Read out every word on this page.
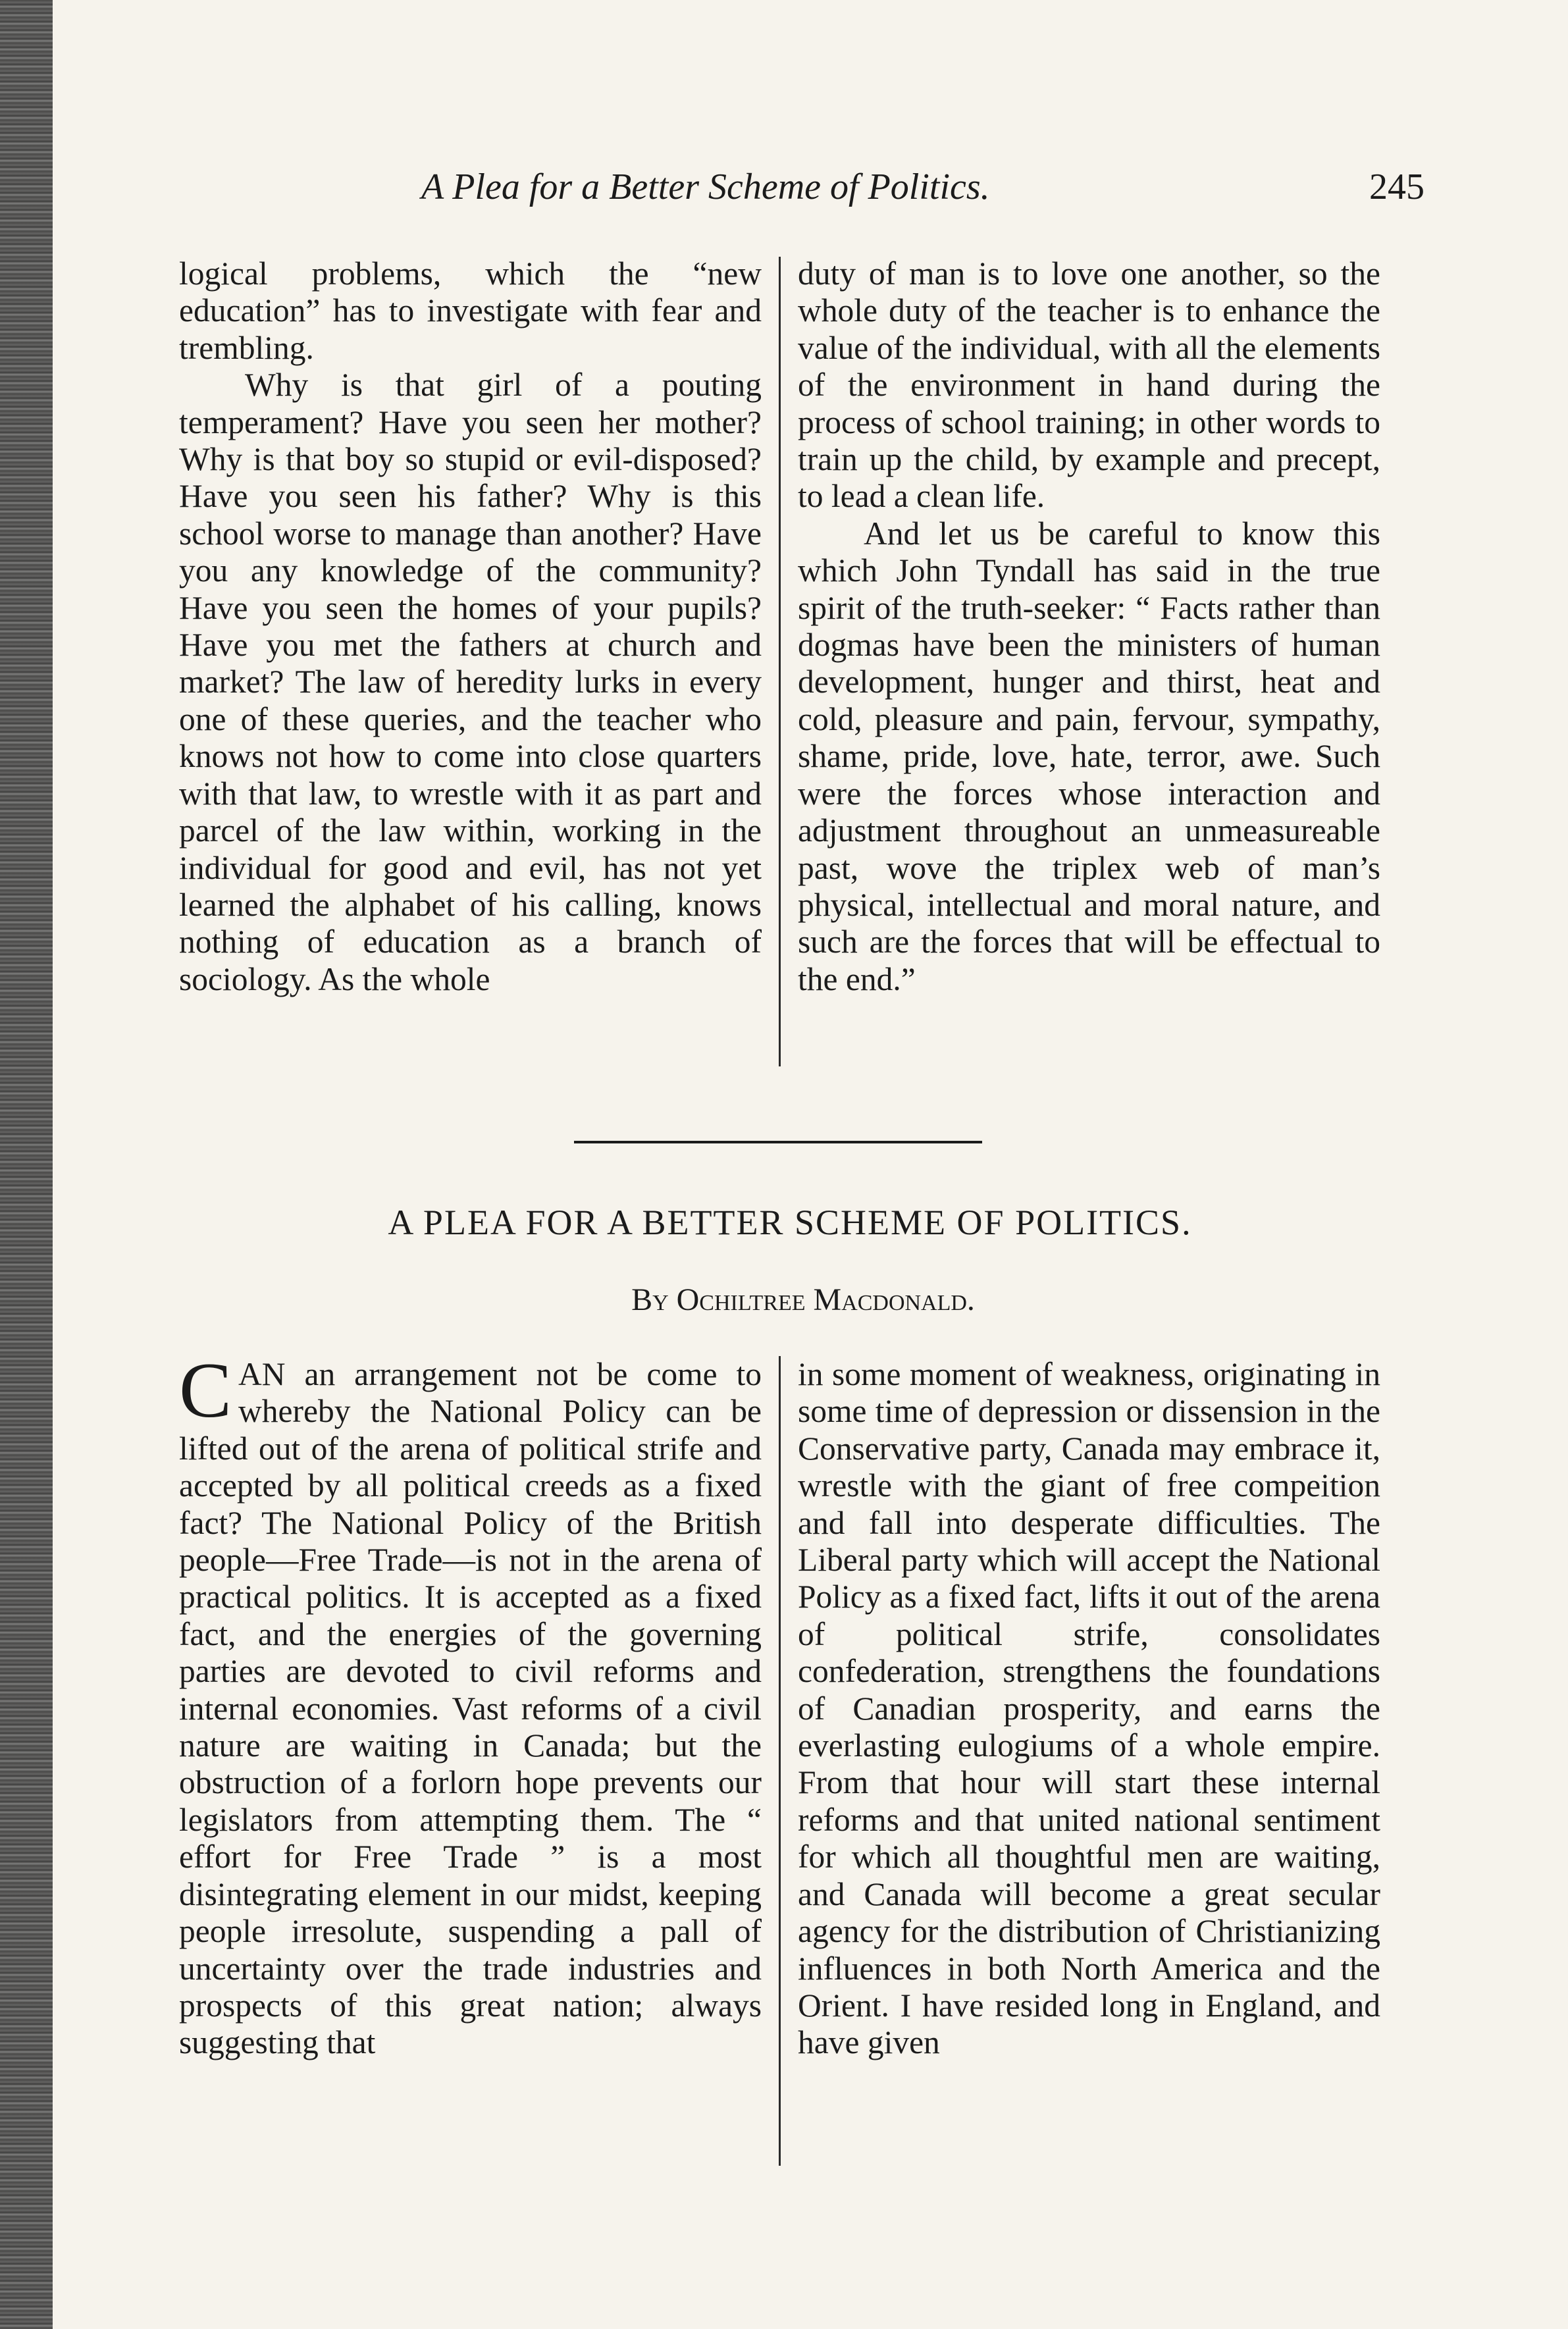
A Plea for a Better Scheme of Politics.	245

logical problems, which the “new education” has to investigate with fear and trembling.

Why is that girl of a pouting temperament? Have you seen her mother? Why is that boy so stupid or evil-disposed? Have you seen his father? Why is this school worse to manage than another? Have you any knowledge of the community? Have you seen the homes of your pupils? Have you met the fathers at church and market? The law of heredity lurks in every one of these queries, and the teacher who knows not how to come into close quarters with that law, to wrestle with it as part and parcel of the law within, working in the individual for good and evil, has not yet learned the alphabet of his calling, knows nothing of education as a branch of sociology. As the whole

duty of man is to love one another, so the whole duty of the teacher is to enhance the value of the individual, with all the elements of the environment in hand during the process of school training; in other words to train up the child, by example and precept, to lead a clean life.

And let us be careful to know this which John Tyndall has said in the true spirit of the truth-seeker: “ Facts rather than dogmas have been the ministers of human development, hunger and thirst, heat and cold, pleasure and pain, fervour, sympathy, shame, pride, love, hate, terror, awe. Such were the forces whose interaction and adjustment throughout an unmeasureable past, wove the triplex web of man’s physical, intellectual and moral nature, and such are the forces that will be effectual to the end.”

A PLEA FOR A BETTER SCHEME OF POLITICS.
By Ochiltree Macdonald.

CAN an arrangement not be come to whereby the National Policy can be lifted out of the arena of political strife and accepted by all political creeds as a fixed fact? The National Policy of the British people—Free Trade—is not in the arena of practical politics. It is accepted as a fixed fact, and the energies of the governing parties are devoted to civil reforms and internal economies. Vast reforms of a civil nature are waiting in Canada; but the obstruction of a forlorn hope prevents our legislators from attempting them. The “ effort for Free Trade ” is a most disintegrating element in our midst, keeping people irresolute, suspending a pall of uncertainty over the trade industries and prospects of this great nation; always suggesting that

in some moment of weakness, originating in some time of depression or dissension in the Conservative party, Canada may embrace it, wrestle with the giant of free compeition and fall into desperate difficulties. The Liberal party which will accept the National Policy as a fixed fact, lifts it out of the arena of political strife, consolidates confederation, strengthens the foundations of Canadian prosperity, and earns the everlasting eulogiums of a whole empire. From that hour will start these internal reforms and that united national sentiment for which all thoughtful men are waiting, and Canada will become a great secular agency for the distribution of Christianizing influences in both North America and the Orient. I have resided long in England, and have given
